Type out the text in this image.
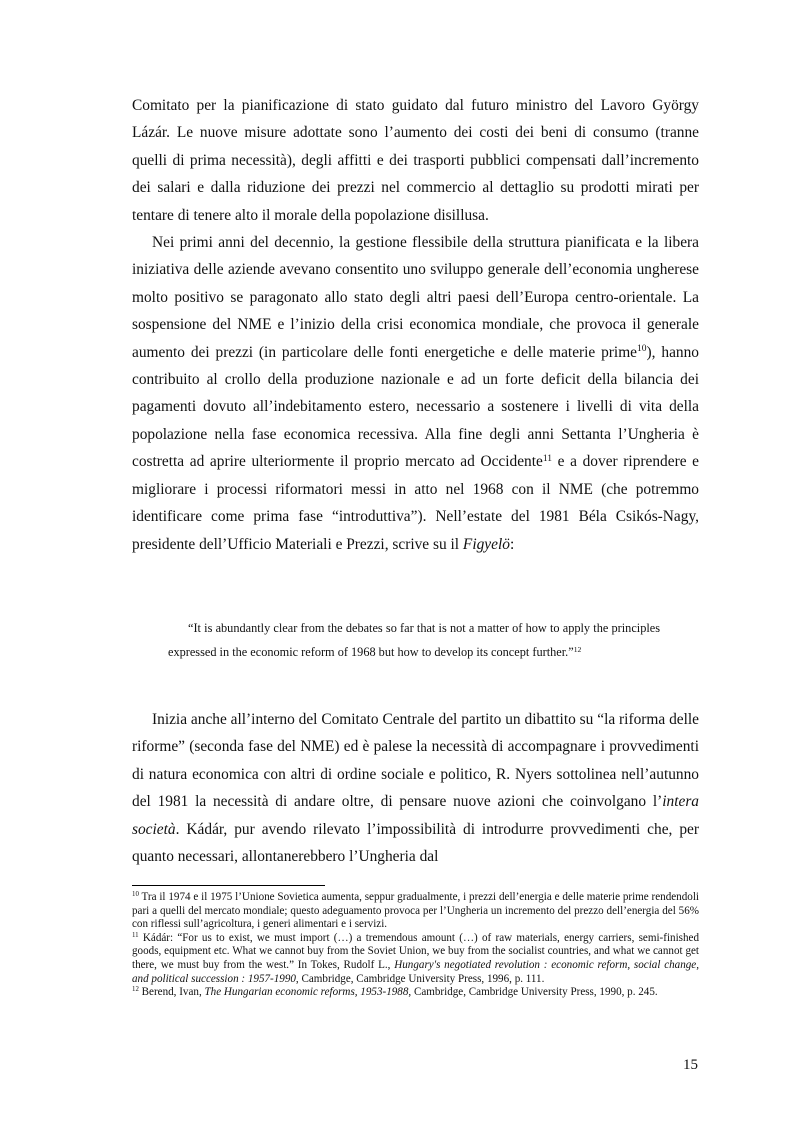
Comitato per la pianificazione di stato guidato dal futuro ministro del Lavoro György Lázár. Le nuove misure adottate sono l’aumento dei costi dei beni di consumo (tranne quelli di prima necessità), degli affitti e dei trasporti pubblici compensati dall’incremento dei salari e dalla riduzione dei prezzi nel commercio al dettaglio su prodotti mirati per tentare di tenere alto il morale della popolazione disillusa.

Nei primi anni del decennio, la gestione flessibile della struttura pianificata e la libera iniziativa delle aziende avevano consentito uno sviluppo generale dell’economia ungherese molto positivo se paragonato allo stato degli altri paesi dell’Europa centro-orientale. La sospensione del NME e l’inizio della crisi economica mondiale, che provoca il generale aumento dei prezzi (in particolare delle fonti energetiche e delle materie prime$^{10}$), hanno contribuito al crollo della produzione nazionale e ad un forte deficit della bilancia dei pagamenti dovuto all’indebitamento estero, necessario a sostenere i livelli di vita della popolazione nella fase economica recessiva. Alla fine degli anni Settanta l’Ungheria è costretta ad aprire ulteriormente il proprio mercato ad Occidente$^{11}$ e a dover riprendere e migliorare i processi riformatori messi in atto nel 1968 con il NME (che potremmo identificare come prima fase “introduttiva”). Nell’estate del 1981 Béla Csikós-Nagy, presidente dell’Ufficio Materiali e Prezzi, scrive su il Figyelö:

“It is abundantly clear from the debates so far that is not a matter of how to apply the principles expressed in the economic reform of 1968 but how to develop its concept further.”$^{12}$

Inizia anche all’interno del Comitato Centrale del partito un dibattito su “la riforma delle riforme” (seconda fase del NME) ed è palese la necessità di accompagnare i provvedimenti di natura economica con altri di ordine sociale e politico, R. Nyers sottolinea nell’autunno del 1981 la necessità di andare oltre, di pensare nuove azioni che coinvolgano l’intera società. Kádár, pur avendo rilevato l’impossibilità di introdurre provvedimenti che, per quanto necessari, allontanerebbero l’Ungheria dal

$^{10}$ Tra il 1974 e il 1975 l’Unione Sovietica aumenta, seppur gradualmente, i prezzi dell’energia e delle materie prime rendendoli pari a quelli del mercato mondiale; questo adeguamento provoca per l’Ungheria un incremento del prezzo dell’energia del 56% con riflessi sull’agricoltura, i generi alimentari e i servizi.

$^{11}$ Kádár: “For us to exist, we must import (…) a tremendous amount (…) of raw materials, energy carriers, semi-finished goods, equipment etc. What we cannot buy from the Soviet Union, we buy from the socialist countries, and what we cannot get there, we must buy from the west.” In Tokes, Rudolf L., Hungary's negotiated revolution : economic reform, social change, and political succession : 1957-1990, Cambridge, Cambridge University Press, 1996, p. 111.

$^{12}$ Berend, Ivan, The Hungarian economic reforms, 1953-1988, Cambridge, Cambridge University Press, 1990, p. 245.

15
